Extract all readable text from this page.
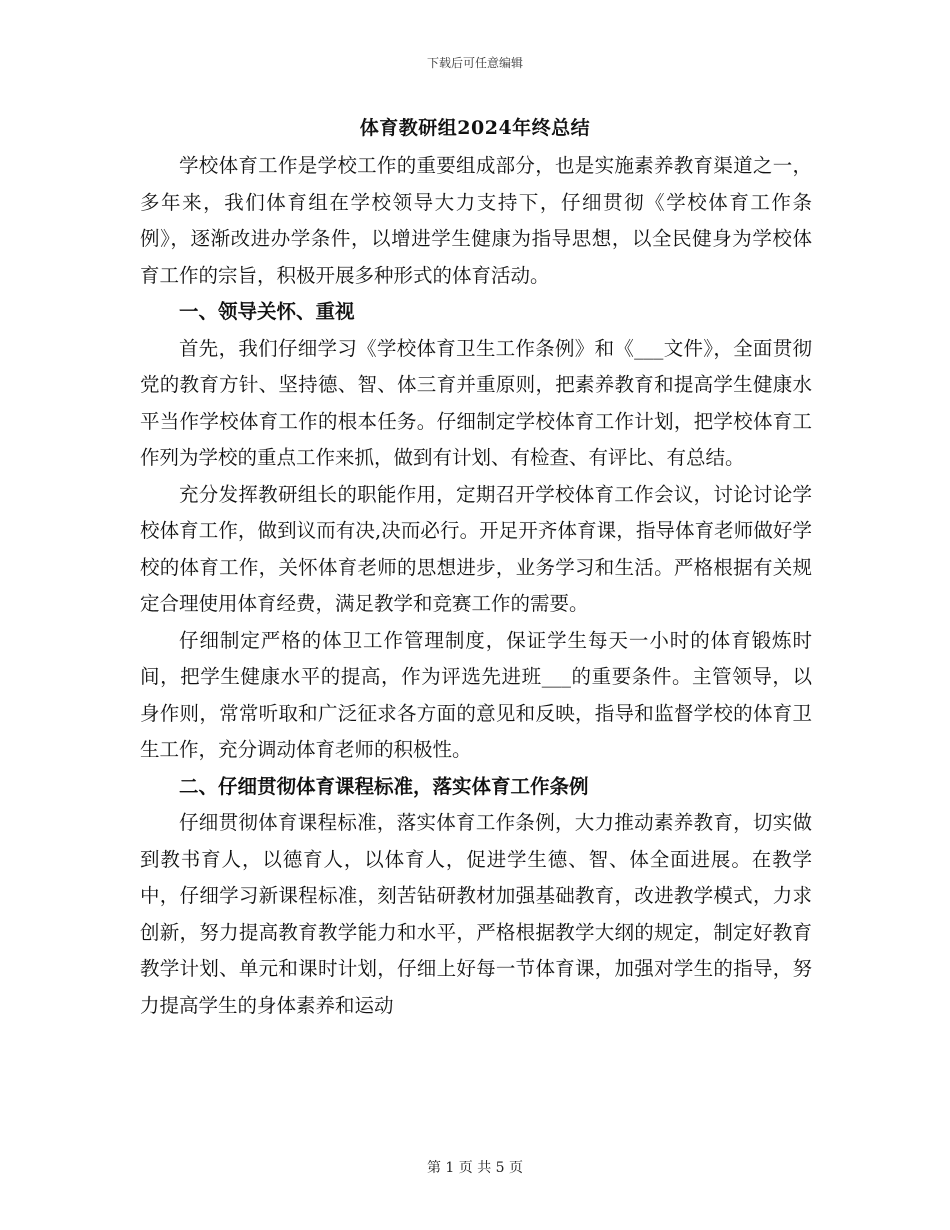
下载后可任意编辑
体育教研组2024年终总结

学校体育工作是学校工作的重要组成部分，也是实施素养教育渠道之一，多年来，我们体育组在学校领导大力支持下，仔细贯彻《学校体育工作条例》，逐渐改进办学条件，以增进学生健康为指导思想，以全民健身为学校体育工作的宗旨，积极开展多种形式的体育活动。

一、领导关怀、重视

首先，我们仔细学习《学校体育卫生工作条例》和《___文件》，全面贯彻党的教育方针、坚持德、智、体三育并重原则，把素养教育和提高学生健康水平当作学校体育工作的根本任务。仔细制定学校体育工作计划，把学校体育工作列为学校的重点工作来抓，做到有计划、有检查、有评比、有总结。

充分发挥教研组长的职能作用，定期召开学校体育工作会议，讨论讨论学校体育工作，做到议而有决,决而必行。开足开齐体育课，指导体育老师做好学校的体育工作，关怀体育老师的思想进步，业务学习和生活。严格根据有关规定合理使用体育经费，满足教学和竞赛工作的需要。

仔细制定严格的体卫工作管理制度，保证学生每天一小时的体育锻炼时间，把学生健康水平的提高，作为评选先进班___的重要条件。主管领导，以身作则，常常听取和广泛征求各方面的意见和反映，指导和监督学校的体育卫生工作，充分调动体育老师的积极性。

二、仔细贯彻体育课程标准，落实体育工作条例

仔细贯彻体育课程标准，落实体育工作条例，大力推动素养教育，切实做到教书育人，以德育人，以体育人，促进学生德、智、体全面进展。在教学中，仔细学习新课程标准，刻苦钻研教材加强基础教育，改进教学模式，力求创新，努力提高教育教学能力和水平，严格根据教学大纲的规定，制定好教育教学计划、单元和课时计划，仔细上好每一节体育课，加强对学生的指导，努力提高学生的身体素养和运动

第 1 页 共 5 页
